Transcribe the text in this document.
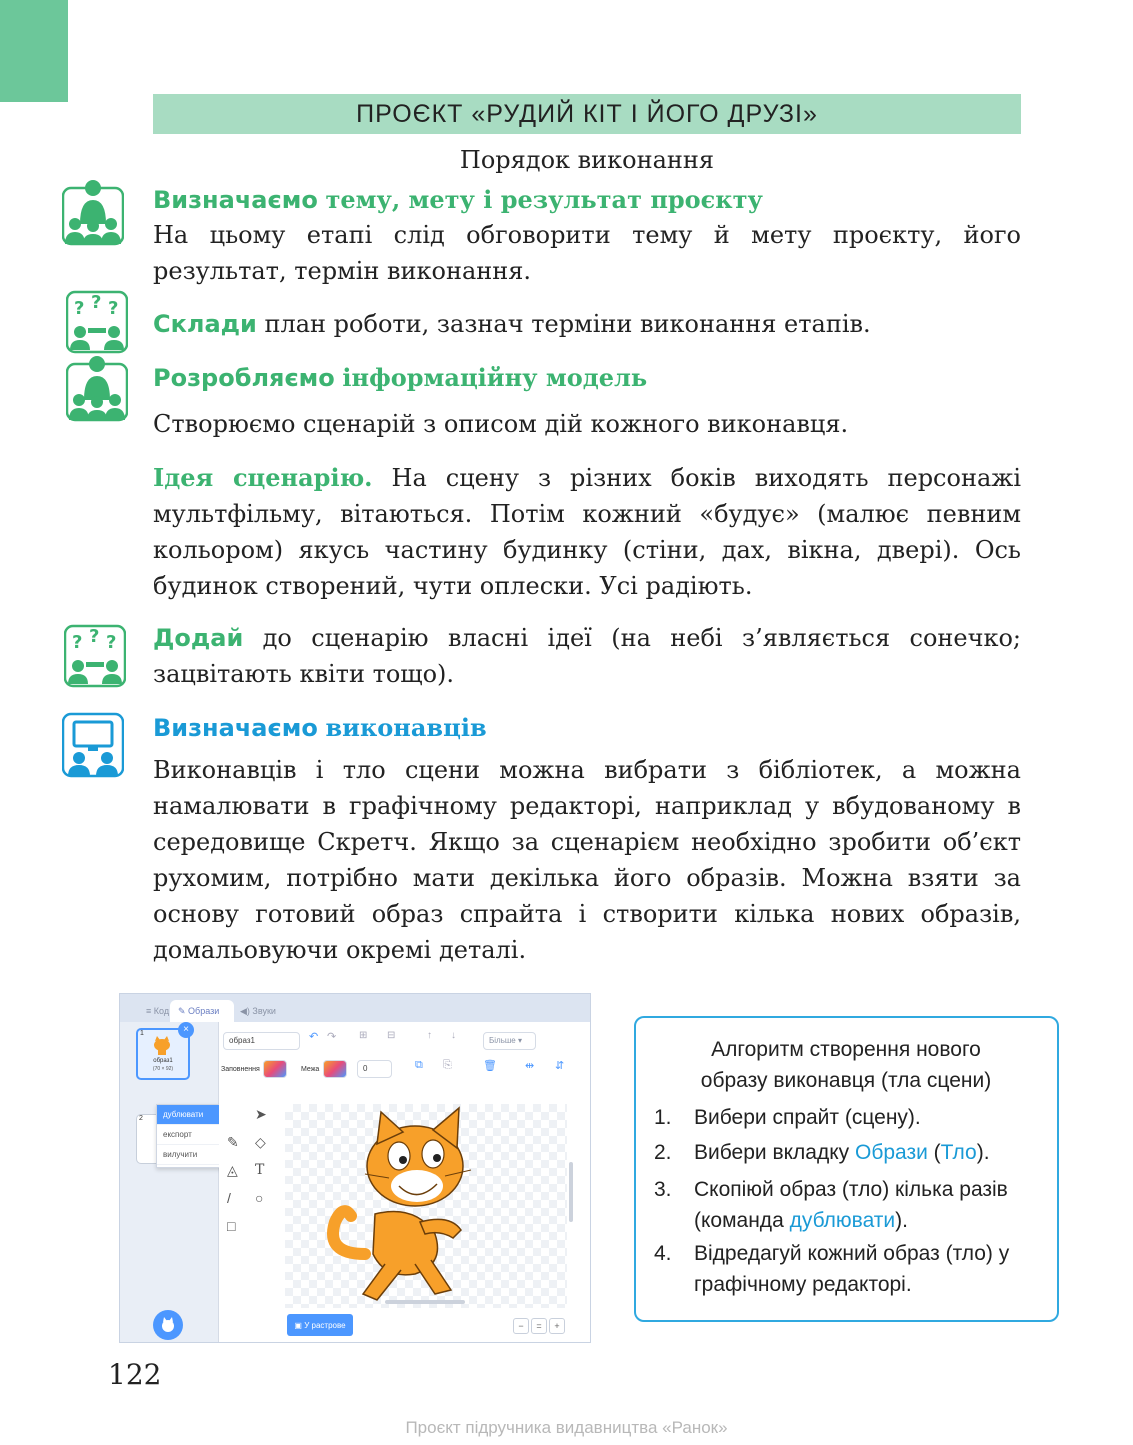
ПРОЄКТ «РУДИЙ КІТ І ЙОГО ДРУЗІ»
Порядок виконання
Визначаємо тему, мету і результат проєкту

На цьому етапі слід обговорити тему й мету проєкту, його результат, термін виконання.

? ? ?

Склади план роботи, зазнач терміни виконання етапів.

Розробляємо інформаційну модель

Створюємо сценарій з описом дій кожного виконавця.

Ідея сценарію. На сцену з різних боків виходять персонажі мультфільму, вітаються. Потім кожний «будує» (малює певним кольором) якусь частину будинку (стіни, дах, вікна, двері). Ось будинок створений, чути оплески. Усі радіють.

? ? ? Додай до сценарію власні ідеї (на небі з’являється сонечко; зацвітають квіти тощо).

Визначаємо виконавців

Виконавців і тло сцени можна вибрати з бібліотек, а можна намалювати в графічному редакторі, наприклад у вбудованому в середовище Скретч. Якщо за сценарієм необхідно зробити об’єкт рухомим, потрібно мати декілька його образів. Можна взяти за основу готовий образ спрайта і створити кілька нових образів, домальовуючи окремі деталі.

≡ Код ✎ Образи ◀) Звуки
1	×
образ1
(70 × 92)
2	дублювати
експорт
вилучити
образ1	↶ ↷ ⊞ ⊟	↑ ↓	Більше ▾
Заповнення	Межа	0	⧉ ⎘	🗑	⇹ ⇵
✎ ◇
◬ T
/ ○
□
➤
▣ У растрове	−	=	+
Алгоритм створення нового
образу виконавця (тла сцени)
1. Вибери спрайт (сцену).
2. Вибери вкладку Образи (Тло).
3. Скопіюй образ (тло) кілька разів (команда дублювати).
4. Відредагуй кожний образ (тло) у графічному редакторі.
122
Проєкт підручника видавництва «Ранок»
